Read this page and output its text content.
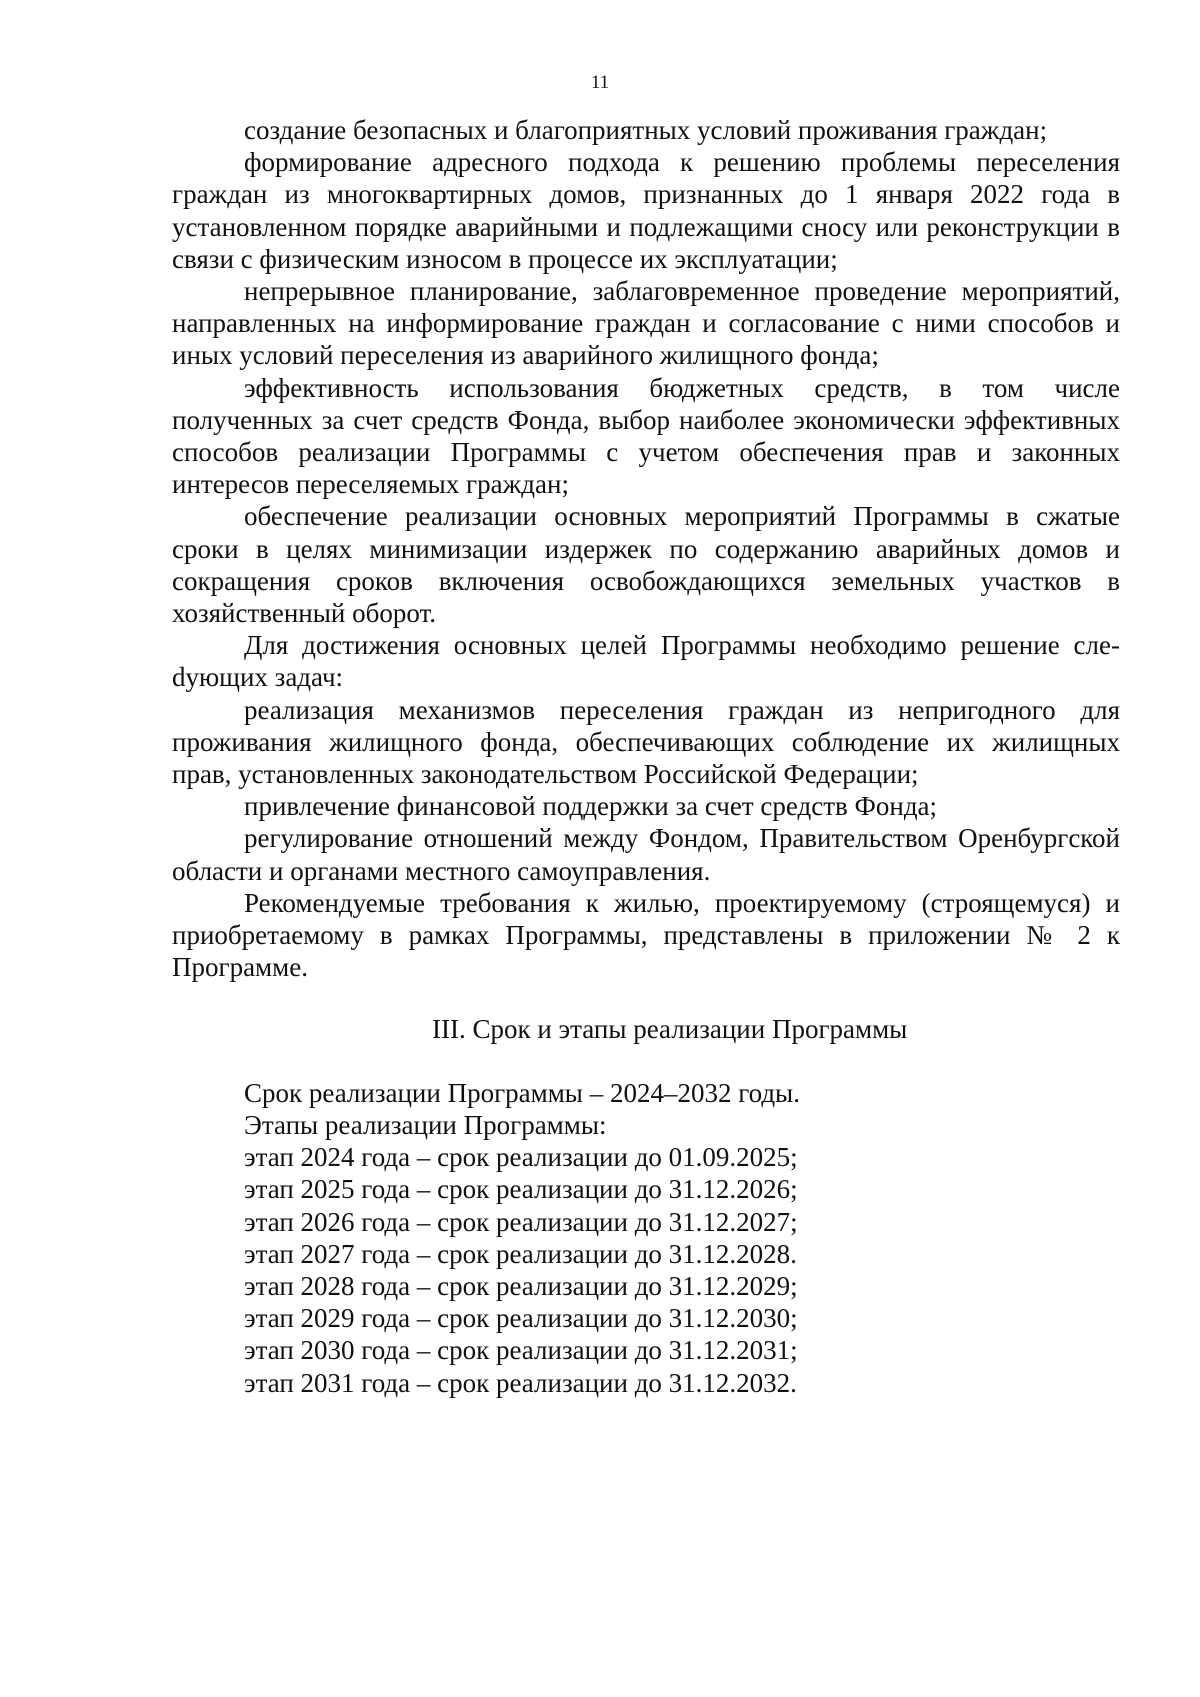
11

создание безопасных и благоприятных условий проживания граждан;

формирование адресного подхода к решению проблемы переселения граждан из многоквартирных домов, признанных до 1 января 2022 года в установленном порядке аварийными и подлежащими сносу или реконструкции в связи с физическим износом в процессе их эксплуатации;

непрерывное планирование, заблаговременное проведение мероприятий, направленных на информирование граждан и согласование с ними способов и иных условий переселения из аварийного жилищного фонда;

эффективность использования бюджетных средств, в том числе полученных за счет средств Фонда, выбор наиболее экономически эффективных способов реализации Программы с учетом обеспечения прав и законных интересов переселяемых граждан;

обеспечение реализации основных мероприятий Программы в сжатые сроки в целях минимизации издержек по содержанию аварийных домов и сокращения сроков включения освобождающихся земельных участков в хозяйственный оборот.

Для достижения основных целей Программы необходимо решение слеdующих задач:

реализация механизмов переселения граждан из непригодного для проживания жилищного фонда, обеспечивающих соблюдение их жилищных прав, установленных законодательством Российской Федерации;

привлечение финансовой поддержки за счет средств Фонда;

регулирование отношений между Фондом, Правительством Оренбургской области и органами местного самоуправления.

Рекомендуемые требования к жилью, проектируемому (строящемуся) и приобретаемому в рамках Программы, представлены в приложении № 2 к Программе.

III. Срок и этапы реализации Программы

Срок реализации Программы – 2024–2032 годы.

Этапы реализации Программы:

этап 2024 года – срок реализации до 01.09.2025;
этап 2025 года – срок реализации до 31.12.2026;
этап 2026 года – срок реализации до 31.12.2027;
этап 2027 года – срок реализации до 31.12.2028.
этап 2028 года – срок реализации до 31.12.2029;
этап 2029 года – срок реализации до 31.12.2030;
этап 2030 года – срок реализации до 31.12.2031;
этап 2031 года – срок реализации до 31.12.2032.
